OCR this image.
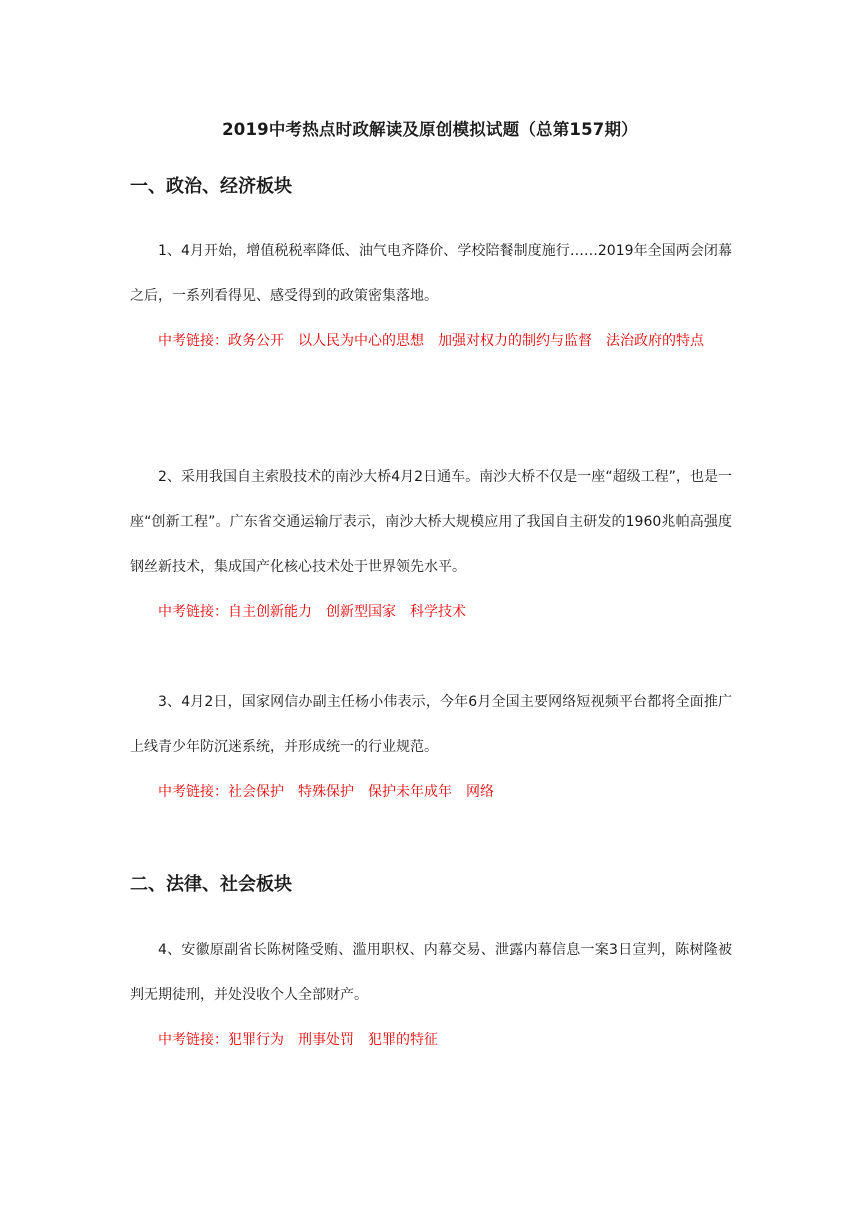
2019中考热点时政解读及原创模拟试题（总第157期）
一、政治、经济板块

1、4月开始，增值税税率降低、油气电齐降价、学校陪餐制度施行……2019年全国两会闭幕之后，一系列看得见、感受得到的政策密集落地。

中考链接：政务公开 以人民为中心的思想 加强对权力的制约与监督 法治政府的特点

2、采用我国自主索股技术的南沙大桥4月2日通车。南沙大桥不仅是一座“超级工程”，也是一座“创新工程”。广东省交通运输厅表示，南沙大桥大规模应用了我国自主研发的1960兆帕高强度钢丝新技术，集成国产化核心技术处于世界领先水平。

中考链接：自主创新能力 创新型国家 科学技术

3、4月2日，国家网信办副主任杨小伟表示，今年6月全国主要网络短视频平台都将全面推广上线青少年防沉迷系统，并形成统一的行业规范。

中考链接：社会保护 特殊保护 保护未年成年 网络

二、法律、社会板块

4、安徽原副省长陈树隆受贿、滥用职权、内幕交易、泄露内幕信息一案3日宣判，陈树隆被判无期徒刑，并处没收个人全部财产。

中考链接：犯罪行为 刑事处罚 犯罪的特征
